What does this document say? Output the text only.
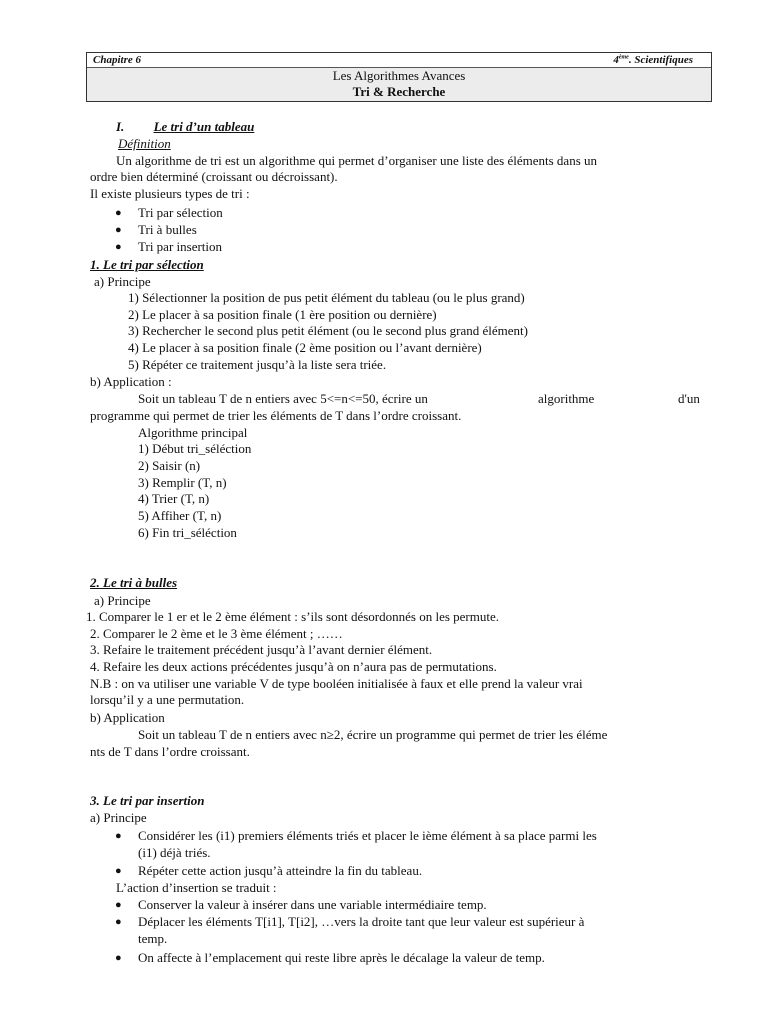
Chapitre 6	4ème. Scientifiques
Les Algorithmes Avances
Tri & Recherche
I. Le tri d’un tableau
Définition
Un algorithme de tri est un algorithme qui permet d’organiser une liste des éléments dans un
ordre bien déterminé (croissant ou décroissant).
Il existe plusieurs types de tri :
● Tri par sélection
● Tri à bulles
● Tri par insertion
1. Le tri par sélection
a) Principe
1) Sélectionner la position de pus petit élément du tableau (ou le plus grand)
2) Le placer à sa position finale (1 ère position ou dernière)
3) Rechercher le second plus petit élément (ou le second plus grand élément)
4) Le placer à sa position finale (2 ème position ou l’avant dernière)
5) Répéter ce traitement jusqu’à la liste sera triée.
b) Application :
Soit un tableau T de n entiers avec 5<=n<=50, écrire un	algorithme	d'un
programme qui permet de trier les éléments de T dans l’ordre croissant.
Algorithme principal
1) Début tri_séléction
2) Saisir (n)
3) Remplir (T, n)
4) Trier (T, n)
5) Affiher (T, n)
6) Fin tri_séléction
2. Le tri à bulles
a) Principe
1. Comparer le 1 er et le 2 ème élément : s’ils sont désordonnés on les permute.
2. Comparer le 2 ème et le 3 ème élément ; ……
3. Refaire le traitement précédent jusqu’à l’avant dernier élément.
4. Refaire les deux actions précédentes jusqu’à on n’aura pas de permutations.
N.B : on va utiliser une variable V de type booléen initialisée à faux et elle prend la valeur vrai
lorsqu’il y a une permutation.
b) Application
Soit un tableau T de n entiers avec n≥2, écrire un programme qui permet de trier les éléme
nts de T dans l’ordre croissant.
3. Le tri par insertion
a) Principe
● Considérer les (i1) premiers éléments triés et placer le ième élément à sa place parmi les
(i1) déjà triés.
● Répéter cette action jusqu’à atteindre la fin du tableau.
L’action d’insertion se traduit :
● Conserver la valeur à insérer dans une variable intermédiaire temp.
● Déplacer les éléments T[i1], T[i2], …vers la droite tant que leur valeur est supérieur à
temp.
● On affecte à l’emplacement qui reste libre après le décalage la valeur de temp.
